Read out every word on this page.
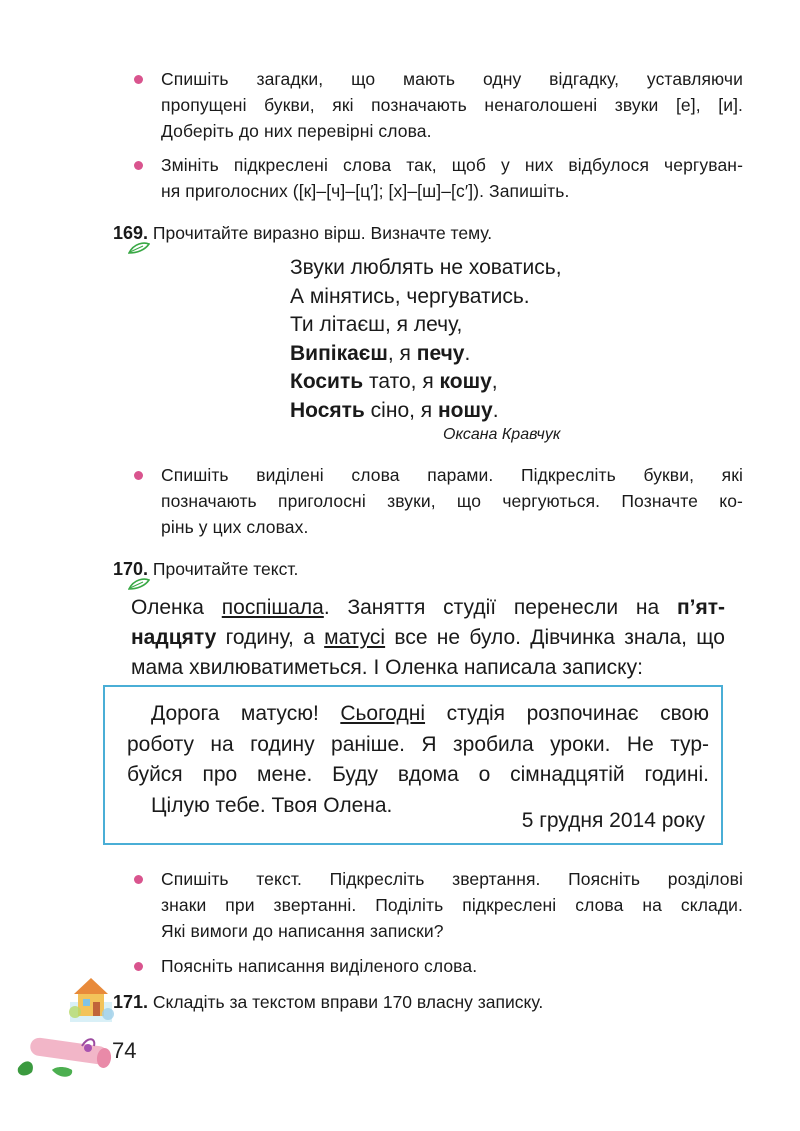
Спишіть загадки, що мають одну відгадку, уставляючи
пропущені букви, які позначають ненаголошені звуки [е], [и].
Доберіть до них перевірні слова.
Змініть підкреслені слова так, щоб у них відбулося чергуван-
ня приголосних ([к]–[ч]–[ц′]; [х]–[ш]–[с′]). Запишіть.
169. Прочитайте виразно вірш. Визначте тему.
Звуки люблять не ховатись,
А мінятись, чергуватись.
Ти літаєш, я лечу,
Випікаєш, я печу.
Косить тато, я кошу,
Носять сіно, я ношу.
Оксана Кравчук
Спишіть виділені слова парами. Підкресліть букви, які
позначають приголосні звуки, що чергуються. Позначте ко-
рінь у цих словах.
170. Прочитайте текст.
Оленка поспішала. Заняття студії перенесли на п’ят-
надцяту годину, а матусі все не було. Дівчинка знала, що
мама хвилюватиметься. І Оленка написала записку:
Дорога матусю! Сьогодні студія розпочинає свою
роботу на годину раніше. Я зробила уроки. Не тур-
буйся про мене. Буду вдома о сімнадцятій годині.
Цілую тебе. Твоя Олена.
5 грудня 2014 року
Спишіть текст. Підкресліть звертання. Поясніть розділові
знаки при звертанні. Поділіть підкреслені слова на склади.
Які вимоги до написання записки?
Поясніть написання виділеного слова.
171. Складіть за текстом вправи 170 власну записку.
74
